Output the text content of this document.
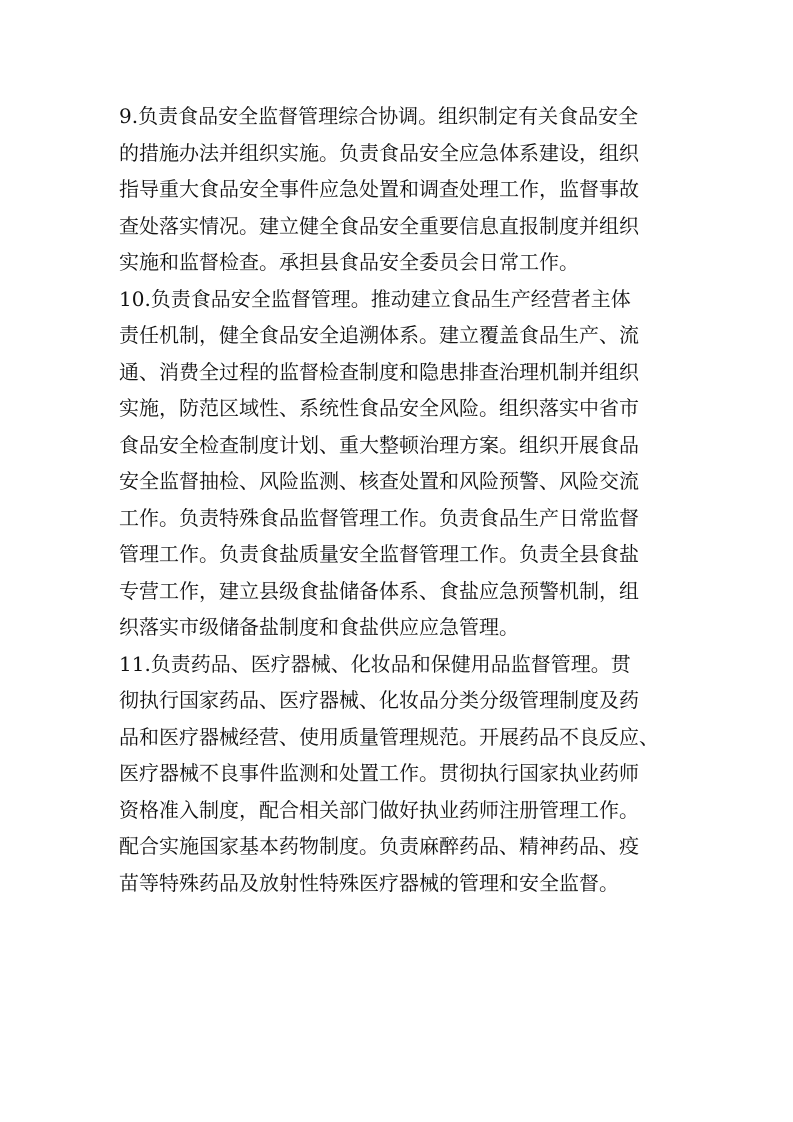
9.负责食品安全监督管理综合协调。组织制定有关食品安全
的措施办法并组织实施。负责食品安全应急体系建设，组织
指导重大食品安全事件应急处置和调查处理工作，监督事故
查处落实情况。建立健全食品安全重要信息直报制度并组织
实施和监督检查。承担县食品安全委员会日常工作。
10.负责食品安全监督管理。推动建立食品生产经营者主体
责任机制，健全食品安全追溯体系。建立覆盖食品生产、流
通、消费全过程的监督检查制度和隐患排查治理机制并组织
实施，防范区域性、系统性食品安全风险。组织落实中省市
食品安全检查制度计划、重大整顿治理方案。组织开展食品
安全监督抽检、风险监测、核查处置和风险预警、风险交流
工作。负责特殊食品监督管理工作。负责食品生产日常监督
管理工作。负责食盐质量安全监督管理工作。负责全县食盐
专营工作，建立县级食盐储备体系、食盐应急预警机制，组
织落实市级储备盐制度和食盐供应应急管理。
11.负责药品、医疗器械、化妆品和保健用品监督管理。贯
彻执行国家药品、医疗器械、化妆品分类分级管理制度及药
品和医疗器械经营、使用质量管理规范。开展药品不良反应、
医疗器械不良事件监测和处置工作。贯彻执行国家执业药师
资格准入制度，配合相关部门做好执业药师注册管理工作。
配合实施国家基本药物制度。负责麻醉药品、精神药品、疫
苗等特殊药品及放射性特殊医疗器械的管理和安全监督。
